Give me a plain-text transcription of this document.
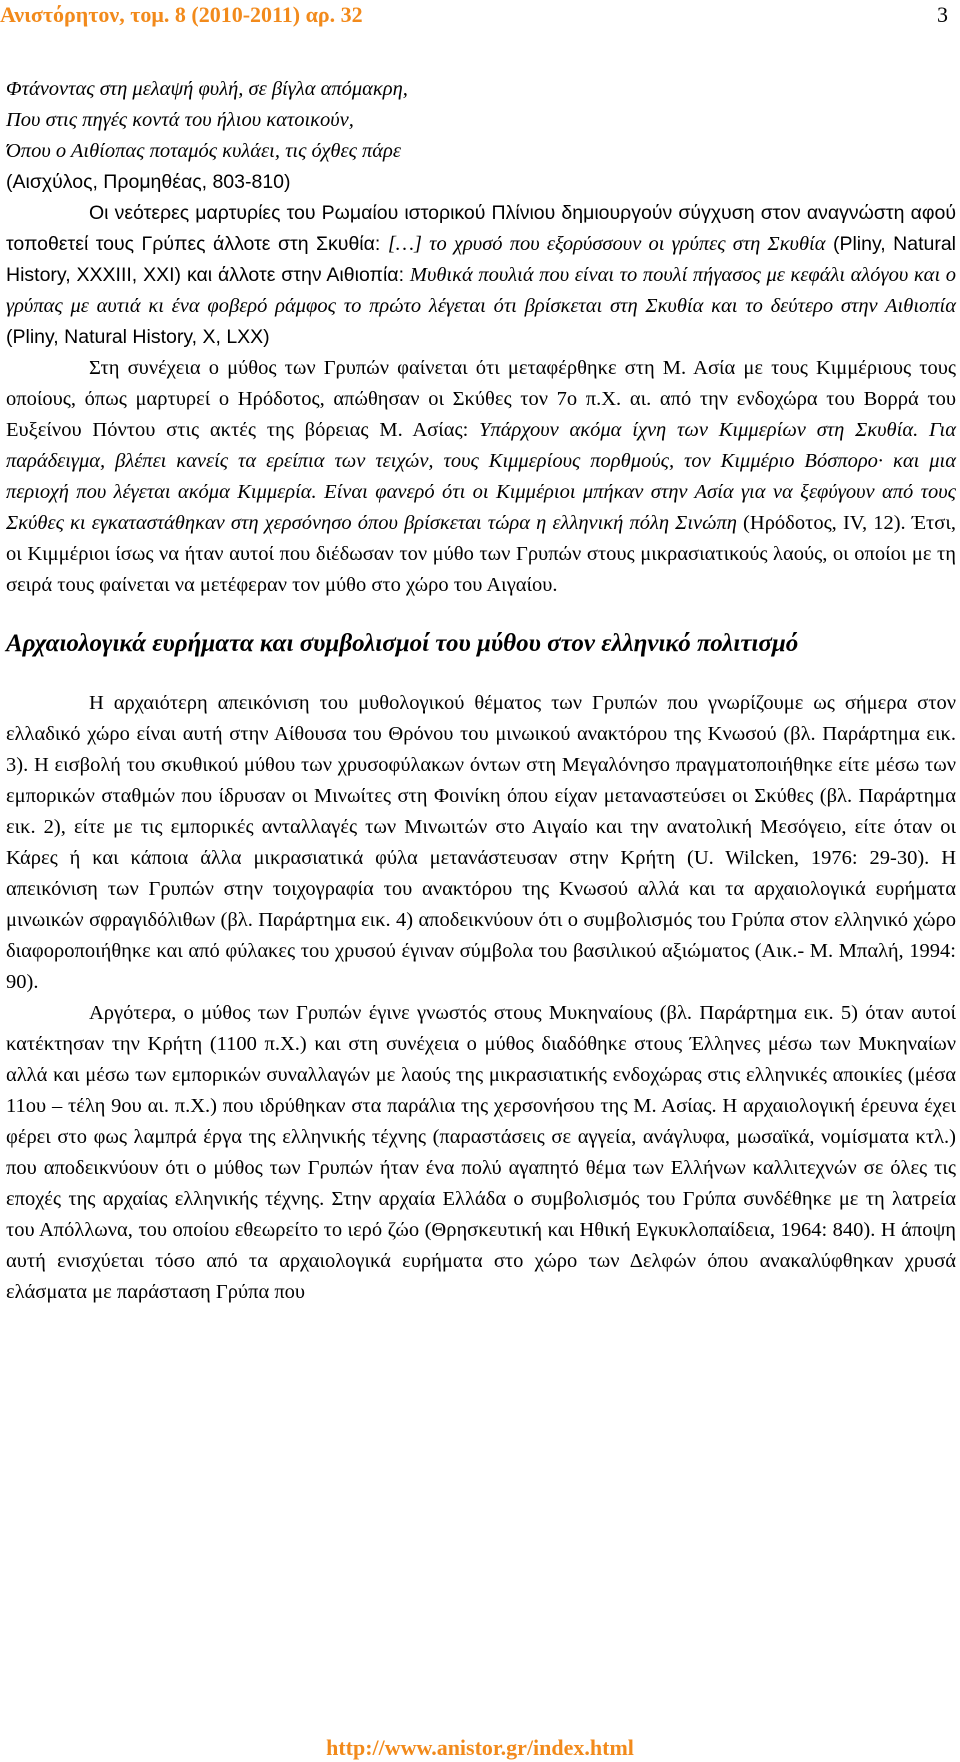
Ανιστόρητον, τομ. 8 (2010-2011) αρ. 32	3
Φτάνοντας στη μελαψή φυλή, σε βίγλα απόμακρη,
Που στις πηγές κοντά του ήλιου κατοικούν,
Όπου ο Αιθίοπας ποταμός κυλάει, τις όχθες πάρε

(Αισχύλος, Προμηθέας, 803-810)

Οι νεότερες μαρτυρίες του Ρωμαίου ιστορικού Πλίνιου δημιουργούν σύγχυση στον αναγνώστη αφού τοποθετεί τους Γρύπες άλλοτε στη Σκυθία: […] το χρυσό που εξορύσσουν οι γρύπες στη Σκυθία (Pliny, Natural History, XXXIII, XXI) και άλλοτε στην Αιθιοπία: Μυθικά πουλιά που είναι το πουλί πήγασος με κεφάλι αλόγου και ο γρύπας με αυτιά κι ένα φοβερό ράμφος το πρώτο λέγεται ότι βρίσκεται στη Σκυθία και το δεύτερο στην Αιθιοπία (Pliny, Natural History, X, LXX)

Στη συνέχεια ο μύθος των Γρυπών φαίνεται ότι μεταφέρθηκε στη Μ. Ασία με τους Κιμμέριους τους οποίους, όπως μαρτυρεί ο Ηρόδοτος, απώθησαν οι Σκύθες τον 7ο π.Χ. αι. από την ενδοχώρα του Βορρά του Ευξείνου Πόντου στις ακτές της βόρειας Μ. Ασίας: Υπάρχουν ακόμα ίχνη των Κιμμερίων στη Σκυθία. Για παράδειγμα, βλέπει κανείς τα ερείπια των τειχών, τους Κιμμερίους πορθμούς, τον Κιμμέριο Βόσπορο· και μια περιοχή που λέγεται ακόμα Κιμμερία. Είναι φανερό ότι οι Κιμμέριοι μπήκαν στην Ασία για να ξεφύγουν από τους Σκύθες κι εγκαταστάθηκαν στη χερσόνησο όπου βρίσκεται τώρα η ελληνική πόλη Σινώπη (Ηρόδοτος, IV, 12). Έτσι, οι Κιμμέριοι ίσως να ήταν αυτοί που διέδωσαν τον μύθο των Γρυπών στους μικρασιατικούς λαούς, οι οποίοι με τη σειρά τους φαίνεται να μετέφεραν τον μύθο στο χώρο του Αιγαίου.

Αρχαιολογικά ευρήματα και συμβολισμοί του μύθου στον ελληνικό πολιτισμό

Η αρχαιότερη απεικόνιση του μυθολογικού θέματος των Γρυπών που γνωρίζουμε ως σήμερα στον ελλαδικό χώρο είναι αυτή στην Αίθουσα του Θρόνου του μινωικού ανακτόρου της Κνωσού (βλ. Παράρτημα εικ. 3). Η εισβολή του σκυθικού μύθου των χρυσοφύλακων όντων στη Μεγαλόνησο πραγματοποιήθηκε είτε μέσω των εμπορικών σταθμών που ίδρυσαν οι Μινωίτες στη Φοινίκη όπου είχαν μεταναστεύσει οι Σκύθες (βλ. Παράρτημα εικ. 2), είτε με τις εμπορικές ανταλλαγές των Μινωιτών στο Αιγαίο και την ανατολική Μεσόγειο, είτε όταν οι Κάρες ή και κάποια άλλα μικρασιατικά φύλα μετανάστευσαν στην Κρήτη (U. Wilcken, 1976: 29-30). Η απεικόνιση των Γρυπών στην τοιχογραφία του ανακτόρου της Κνωσού αλλά και τα αρχαιολογικά ευρήματα μινωικών σφραγιδόλιθων (βλ. Παράρτημα εικ. 4) αποδεικνύουν ότι ο συμβολισμός του Γρύπα στον ελληνικό χώρο διαφοροποιήθηκε και από φύλακες του χρυσού έγιναν σύμβολα του βασιλικού αξιώματος (Αικ.- Μ. Μπαλή, 1994: 90).

Αργότερα, ο μύθος των Γρυπών έγινε γνωστός στους Μυκηναίους (βλ. Παράρτημα εικ. 5) όταν αυτοί κατέκτησαν την Κρήτη (1100 π.Χ.) και στη συνέχεια ο μύθος διαδόθηκε στους Έλληνες μέσω των Μυκηναίων αλλά και μέσω των εμπορικών συναλλαγών με λαούς της μικρασιατικής ενδοχώρας στις ελληνικές αποικίες (μέσα 11ου – τέλη 9ου αι. π.Χ.) που ιδρύθηκαν στα παράλια της χερσονήσου της Μ. Ασίας. Η αρχαιολογική έρευνα έχει φέρει στο φως λαμπρά έργα της ελληνικής τέχνης (παραστάσεις σε αγγεία, ανάγλυφα, μωσαϊκά, νομίσματα κτλ.) που αποδεικνύουν ότι ο μύθος των Γρυπών ήταν ένα πολύ αγαπητό θέμα των Ελλήνων καλλιτεχνών σε όλες τις εποχές της αρχαίας ελληνικής τέχνης. Στην αρχαία Ελλάδα ο συμβολισμός του Γρύπα συνδέθηκε με τη λατρεία του Απόλλωνα, του οποίου εθεωρείτο το ιερό ζώο (Θρησκευτική και Ηθική Εγκυκλοπαίδεια, 1964: 840). Η άποψη αυτή ενισχύεται τόσο από τα αρχαιολογικά ευρήματα στο χώρο των Δελφών όπου ανακαλύφθηκαν χρυσά ελάσματα με παράσταση Γρύπα που

http://www.anistor.gr/index.html
